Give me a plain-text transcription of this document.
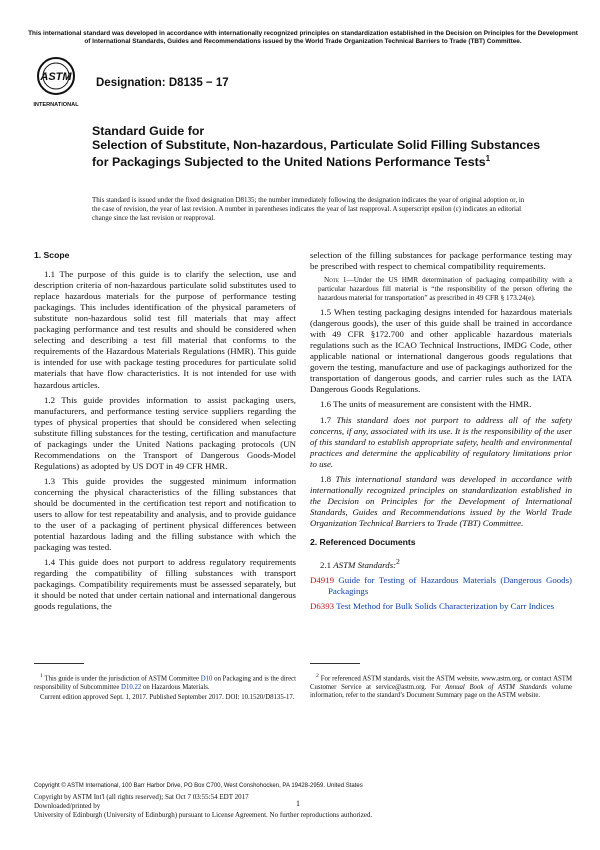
This international standard was developed in accordance with internationally recognized principles on standardization established in the Decision on Principles for the Development of International Standards, Guides and Recommendations issued by the World Trade Organization Technical Barriers to Trade (TBT) Committee.
ASTM
INTERNATIONAL
Designation: D8135 − 17
Standard Guide for
Selection of Substitute, Non-hazardous, Particulate Solid Filling Substances for Packagings Subjected to the United Nations Performance Tests$^1$
This standard is issued under the fixed designation D8135; the number immediately following the designation indicates the year of original adoption or, in the case of revision, the year of last revision. A number in parentheses indicates the year of last reapproval. A superscript epsilon (ε) indicates an editorial change since the last revision or reapproval.
1. Scope

1.1 The purpose of this guide is to clarify the selection, use and description criteria of non-hazardous particulate solid substitutes used to replace hazardous materials for the purpose of performance testing packagings. This includes identification of the physical parameters of substitute non-hazardous solid test fill materials that may affect packaging performance and test results and should be considered when selecting and describing a test fill material that conforms to the requirements of the Hazardous Materials Regulations (HMR). This guide is intended for use with package testing procedures for particulate solid materials that have flow characteristics. It is not intended for use with hazardous articles.

1.2 This guide provides information to assist packaging users, manufacturers, and performance testing service suppliers regarding the types of physical properties that should be considered when selecting substitute filling substances for the testing, certification and manufacture of packagings under the United Nations packaging protocols (UN Recommendations on the Transport of Dangerous Goods-Model Regulations) as adopted by US DOT in 49 CFR HMR.

1.3 This guide provides the suggested minimum information concerning the physical characteristics of the filling substances that should be documented in the certification test report and notification to users to allow for test repeatability and analysis, and to provide guidance to the user of a packaging of pertinent physical differences between potential hazardous lading and the filling substance with which the packaging was tested.

1.4 This guide does not purport to address regulatory requirements regarding the compatibility of filling substances with transport packagings. Compatibility requirements must be assessed separately, but it should be noted that under certain national and international dangerous goods regulations, the

selection of the filling substances for package performance testing may be prescribed with respect to chemical compatibility requirements.

Note 1—Under the US HMR determination of packaging compatibility with a particular hazardous fill material is “the responsibility of the person offering the hazardous material for transportation” as prescribed in 49 CFR § 173.24(e).

1.5 When testing packaging designs intended for hazardous materials (dangerous goods), the user of this guide shall be trained in accordance with 49 CFR §172.700 and other applicable hazardous materials regulations such as the ICAO Technical Instructions, IMDG Code, other applicable national or international dangerous goods regulations that govern the testing, manufacture and use of packagings authorized for the transportation of dangerous goods, and carrier rules such as the IATA Dangerous Goods Regulations.

1.6 The units of measurement are consistent with the HMR.

1.7 This standard does not purport to address all of the safety concerns, if any, associated with its use. It is the responsibility of the user of this standard to establish appropriate safety, health and environmental practices and determine the applicability of regulatory limitations prior to use.

1.8 This international standard was developed in accordance with internationally recognized principles on standardization established in the Decision on Principles for the Development of International Standards, Guides and Recommendations issued by the World Trade Organization Technical Barriers to Trade (TBT) Committee.

2. Referenced Documents

2.1 ASTM Standards:$^2$

D4919 Guide for Testing of Hazardous Materials (Dangerous Goods) Packagings

D6393 Test Method for Bulk Solids Characterization by Carr Indices

$^1$ This guide is under the jurisdiction of ASTM Committee D10 on Packaging and is the direct responsibility of Subcommittee D10.22 on Hazardous Materials.

Current edition approved Sept. 1, 2017. Published September 2017. DOI: 10.1520/D8135-17.

$^2$ For referenced ASTM standards, visit the ASTM website, www.astm.org, or contact ASTM Customer Service at service@astm.org. For Annual Book of ASTM Standards volume information, refer to the standard’s Document Summary page on the ASTM website.

Copyright © ASTM International, 100 Barr Harbor Drive, PO Box C700, West Conshohocken, PA 19428-2959. United States
Copyright by ASTM Int'l (all rights reserved); Sat Oct 7 03:55:54 EDT 2017
Downloaded/printed by
University of Edinburgh (University of Edinburgh) pursuant to License Agreement. No further reproductions authorized.
1
